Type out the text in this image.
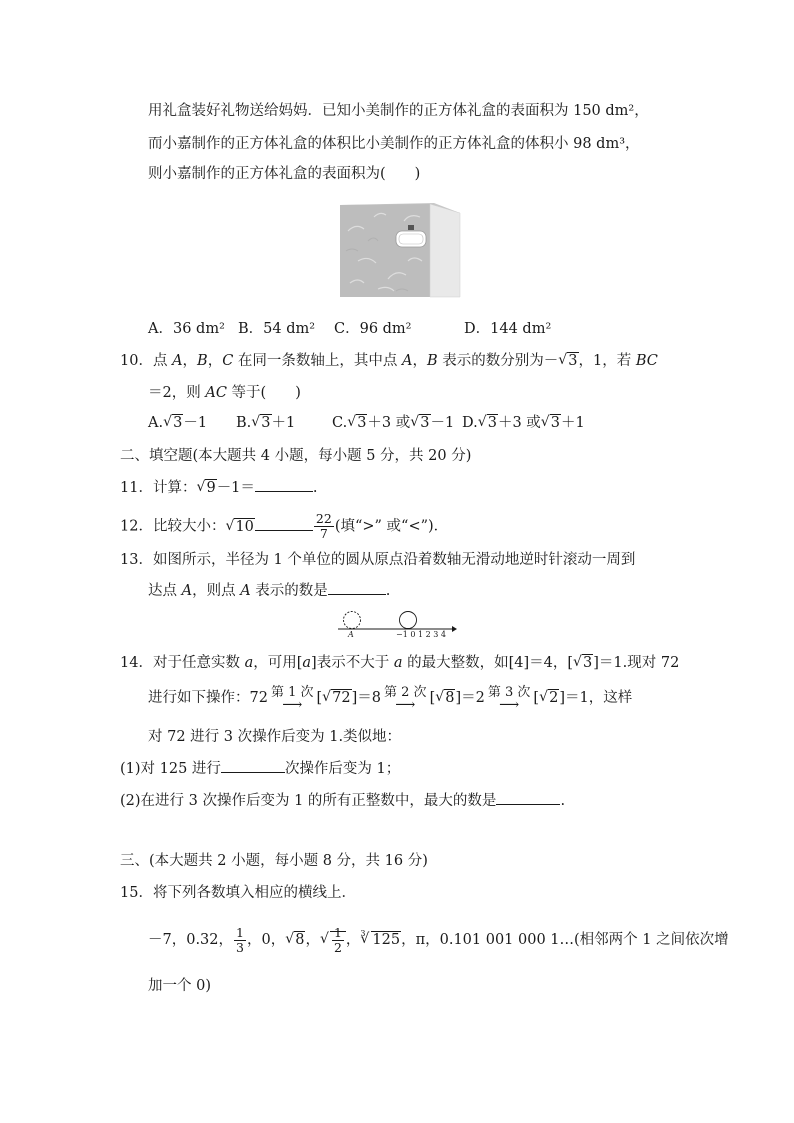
用礼盒装好礼物送给妈妈．已知小美制作的正方体礼盒的表面积为 150 dm²，
而小嘉制作的正方体礼盒的体积比小美制作的正方体礼盒的体积小 98 dm³，
则小嘉制作的正方体礼盒的表面积为(　　)
A．36 dm² B．54 dm² C．96 dm²	D．144 dm²
10．点 A，B，C 在同一条数轴上，其中点 A，B 表示的数分别为－ √ 3，1，若 BC
＝2，则 AC 等于(　　)
A. √ 3－1 B. √ 3＋1	C. √ 3＋3 或 √ 3－1 D. √ 3＋3 或 √ 3＋1
二、填空题(本大题共 4 小题，每小题 5 分，共 20 分)
11．计算： √ 9－1＝	.
12．比较大小： √ 10	$\frac{22}{7}$ (填“>” 或“<”)．
13．如图所示，半径为 1 个单位的圆从原点沿着数轴无滑动地逆时针滚动一周到
达点 A，则点 A 表示的数是	.
A	−1 0 1 2 3 4
14．对于任意实数 a，可用[a]表示不大于 a 的最大整数，如[4]＝4，[ √ 3]＝1.现对 72
进行如下操作：72 第 1 次
⟶ [ √ 72]＝8 第 2 次
⟶ [ √ 8]＝2 第 3 次
⟶ [ √ 2]＝1，这样
对 72 进行 3 次操作后变为 1.类似地：
(1)对 125 进行	次操作后变为 1；
(2)在进行 3 次操作后变为 1 的所有正整数中，最大的数是	.
三、(本大题共 2 小题，每小题 8 分，共 16 分)
15．将下列各数填入相应的横线上．
－7，0.32， $\frac{1}{3}$ ，0， √ 8， √ $\frac{1}{2}$ ， √ 3 125，π，0.101 001 000 1…(相邻两个 1 之间依次增
加一个 0)
